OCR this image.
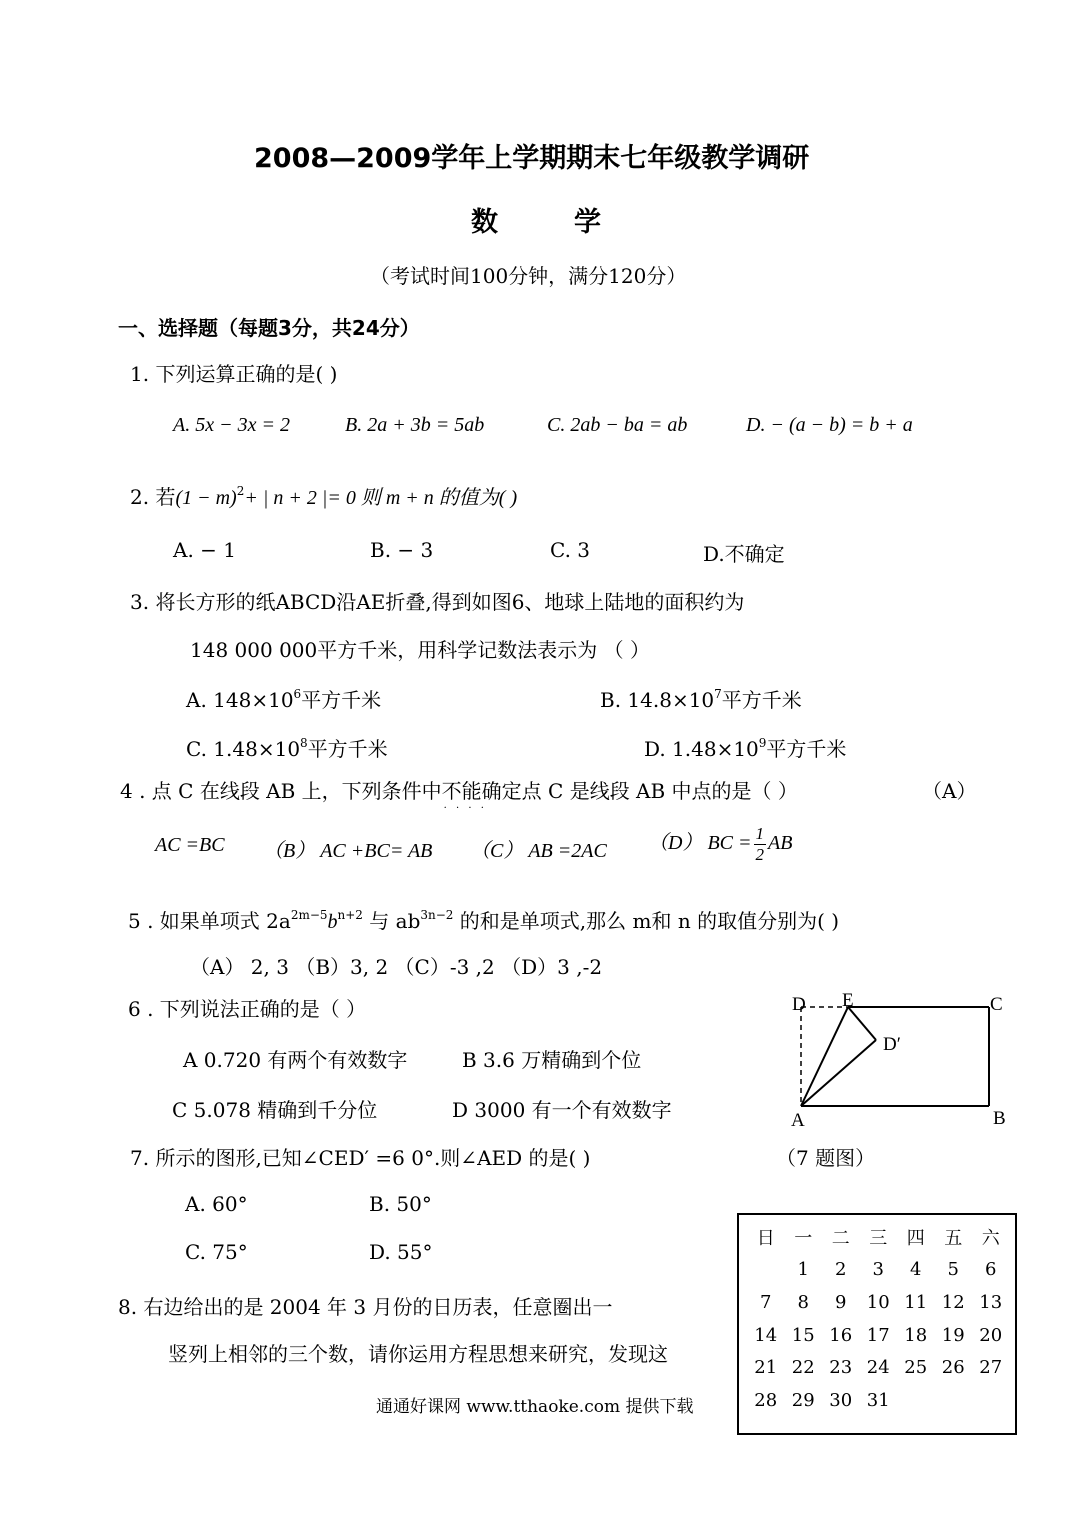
2008—2009学年上学期期末七年级教学调研
数	学
（考试时间100分钟，满分120分）
一、选择题（每题3分，共24分）
1. 下列运算正确的是( )
A. 5x − 3x = 2	B. 2a + 3b = 5ab	C. 2ab − ba = ab	D. − (a − b) = b + a
2. 若$(1 - m)^2+$ | n + 2 |= 0 则 m + n 的值为( )
A. − 1	B. − 3	C. 3	D.不确定
3. 将长方形的纸ABCD沿AE折叠,得到如图6、地球上陆地的面积约为
148 000 000平方千米，用科学记数法表示为 （ ）
A. $148\times 10^6$平方千米	B. $14.8\times 10^7$平方千米
C. $1.48\times 10^8$平方千米	D. $1.48\times 10^9$平方千米
4 . 点 C 在线段 AB 上，下列条件中不能确定 · · · ·点 C 是线段 AB 中点的是（ ）	（A）
AC =BC （B） AC +BC= AB （C） AB =2AC （D） BC = $\frac{1}{2}$ AB
5 . 如果单项式 $2a^{2m-5}b^{n+2}$ 与 $ab^{3n-2}$ 的和是单项式,那么 m和 n 的取值分别为( )
（A） 2, 3 （B）3, 2 （C）-3 ,2 （D）3 ,-2
6 . 下列说法正确的是（ ）
A 0.720 有两个有效数字	B 3.6 万精确到个位
C 5.078 精确到千分位	D 3000 有一个有效数字
D E	C
D′
A	B
7. 所示的图形,已知∠CED′ =6 0°.则∠AED 的是( )	（7 题图）
A. 60°	B. 50°
C. 75°	D. 55°
8. 右边给出的是 2004 年 3 月份的日历表，任意圈出一
竖列上相邻的三个数，请你运用方程思想来研究，发现这
日	一	二	三	四	五	六
	1	2	3	4	5	6
7	8	9	10	11	12	13
14	15	16	17	18	19	20
21	22	23	24	25	26	27
28	29	30	31			
通通好课网 www.tthaoke.com 提供下载
